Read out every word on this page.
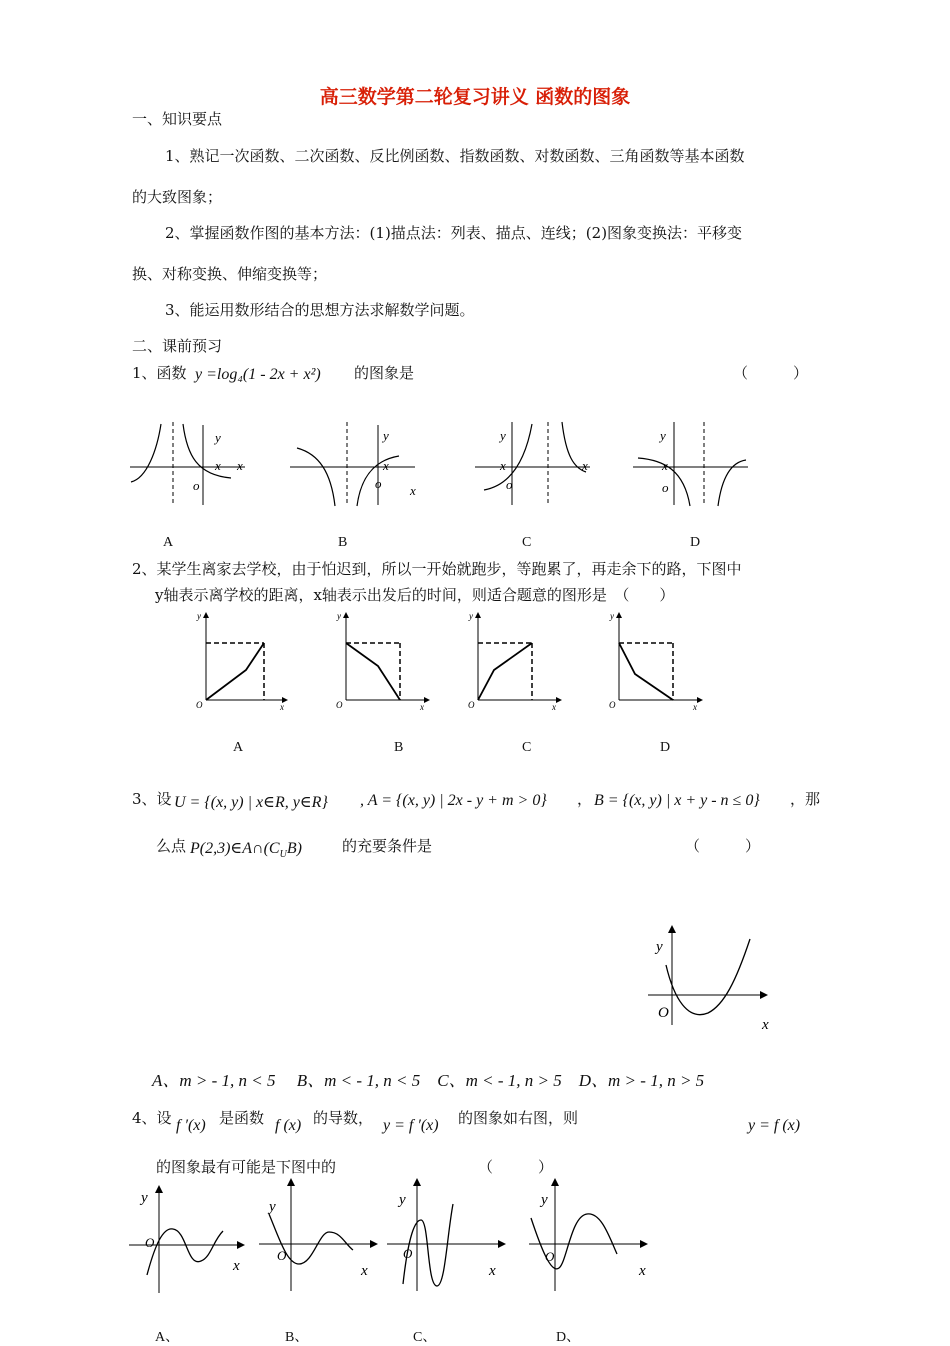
高三数学第二轮复习讲义 函数的图象
一、知识要点
1、熟记一次函数、二次函数、反比例函数、指数函数、对数函数、三角函数等基本函数
的大致图象；
2、掌握函数作图的基本方法：(1)描点法：列表、描点、连线；(2)图象变换法：平移变
换、对称变换、伸缩变换等；
3、能运用数形结合的思想方法求解数学问题。
二、课前预习
1、函数 y =log₄(1 - 2x + x²) 的图象是	（　　　）
y
x x
o
A
y
x
x
o
B
y
x	x
o
C
y
x
o
D
2、某学生离家去学校，由于怕迟到，所以一开始就跑步，等跑累了，再走余下的路，下图中
y轴表示离学校的距离，x轴表示出发后的时间，则适合题意的图形是　（　　）
y
x
O
A
y
x
O
B
y
x
O
C
y
x
O
D
3、设 U = {(x, y) | x∈R, y∈R} , A = {(x, y) | 2x - y + m > 0} ， B = {(x, y) | x + y - n ≤ 0} ，那
么点 $P(2,3)\in A\cap(C_UB)$	的充要条件是	（　　　）
y
O
x
A、m > - 1, n < 5　 B、m < - 1, n < 5　C、m < - 1, n > 5　D、m > - 1, n > 5
4、设 f ′(x) 是函数 f (x) 的导数， y = f ′(x) 的图象如右图，则	y = f (x)
的图象最有可能是下图中的	（　　　）
y
O
x
A、
y
O
x
B、
y
O
x
C、
y
O
x
D、
